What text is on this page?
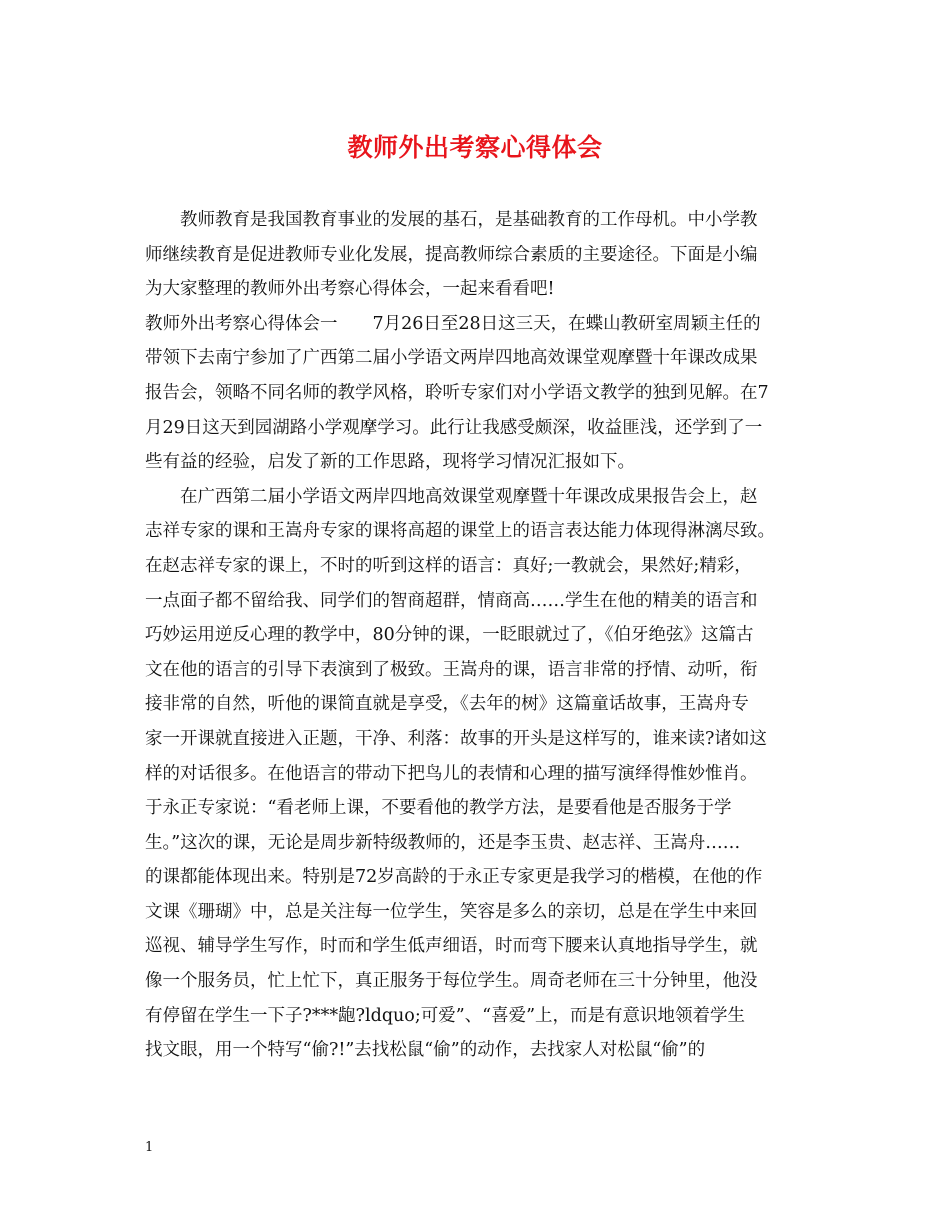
教师外出考察心得体会
教师教育是我国教育事业的发展的基石，是基础教育的工作母机。中小学教
师继续教育是促进教师专业化发展，提高教师综合素质的主要途径。下面是小编
为大家整理的教师外出考察心得体会，一起来看看吧!
教师外出考察心得体会一　　7月26日至28日这三天，在蝶山教研室周颖主任的
带领下去南宁参加了广西第二届小学语文两岸四地高效课堂观摩暨十年课改成果
报告会，领略不同名师的教学风格，聆听专家们对小学语文教学的独到见解。在7
月29日这天到园湖路小学观摩学习。此行让我感受颇深，收益匪浅，还学到了一
些有益的经验，启发了新的工作思路，现将学习情况汇报如下。
在广西第二届小学语文两岸四地高效课堂观摩暨十年课改成果报告会上，赵
志祥专家的课和王嵩舟专家的课将高超的课堂上的语言表达能力体现得淋漓尽致。
在赵志祥专家的课上，不时的听到这样的语言：真好;一教就会，果然好;精彩，
一点面子都不留给我、同学们的智商超群，情商高……学生在他的精美的语言和
巧妙运用逆反心理的教学中，80分钟的课，一眨眼就过了，《伯牙绝弦》这篇古
文在他的语言的引导下表演到了极致。王嵩舟的课，语言非常的抒情、动听，衔
接非常的自然，听他的课简直就是享受，《去年的树》这篇童话故事，王嵩舟专
家一开课就直接进入正题，干净、利落：故事的开头是这样写的，谁来读?诸如这
样的对话很多。在他语言的带动下把鸟儿的表情和心理的描写演绎得惟妙惟肖。
于永正专家说：“看老师上课，不要看他的教学方法，是要看他是否服务于学
生。”这次的课，无论是周步新特级教师的，还是李玉贵、赵志祥、王嵩舟……
的课都能体现出来。特别是72岁高龄的于永正专家更是我学习的楷模，在他的作
文课《珊瑚》中，总是关注每一位学生，笑容是多么的亲切，总是在学生中来回
巡视、辅导学生写作，时而和学生低声细语，时而弯下腰来认真地指导学生，就
像一个服务员，忙上忙下，真正服务于每位学生。周奇老师在三十分钟里，他没
有停留在学生一下子?***龅?ldquo;可爱”、“喜爱”上，而是有意识地领着学生
找文眼，用一个特写“偷?!”去找松鼠“偷”的动作，去找家人对松鼠“偷”的
1
